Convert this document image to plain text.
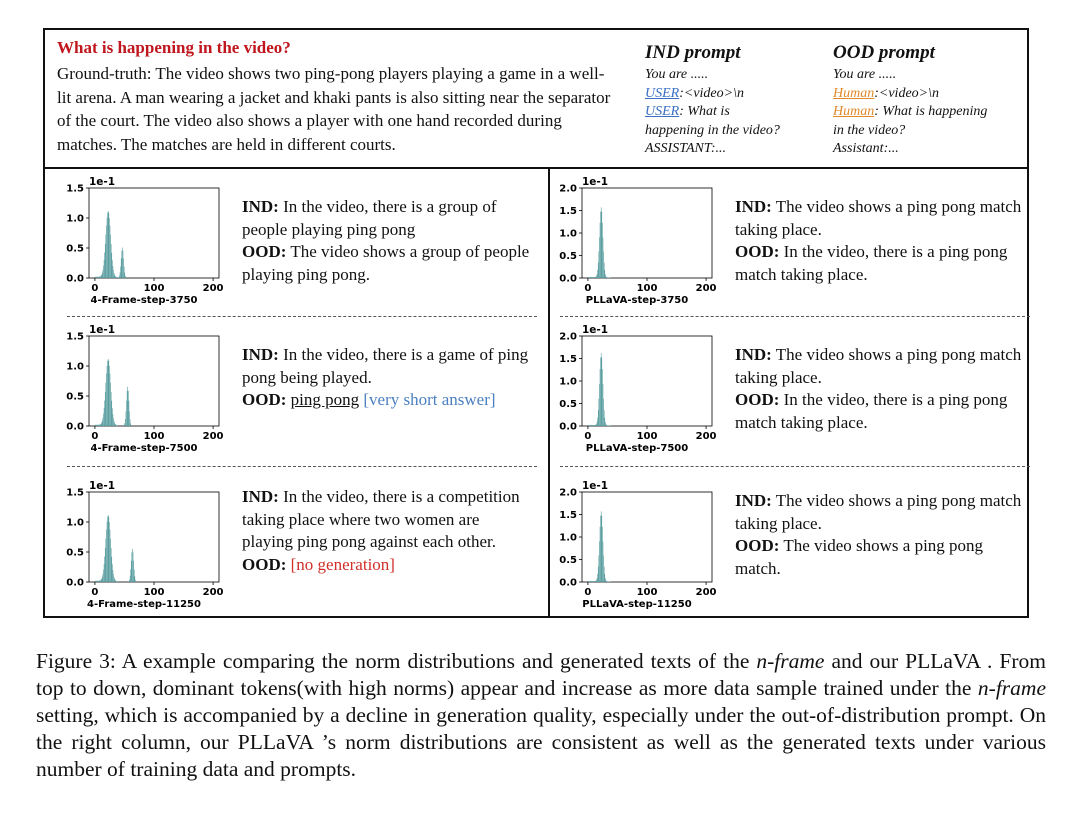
What is happening in the video?
Ground-truth: The video shows two ping-pong players playing a game in a well-lit arena. A man wearing a jacket and khaki pants is also sitting near the separator of the court. The video also shows a player with one hand recorded during matches. The matches are held in different courts.
IND prompt
You are .....
USER:<video>\n
USER: What is
happening in the video?
ASSISTANT:...
OOD prompt
You are .....
Human:<video>\n
Human: What is happening
in the video?
Assistant:...
1.5
1.0
0.5
0.0
0	100	200
1e-1
4-Frame-step-3750
IND: In the video, there is a group of people playing ping pong
OOD: The video shows a group of people playing ping pong.
2.0
1.5
1.0
0.5
0.0
0	100	200
1e-1
PLLaVA-step-3750
IND: The video shows a ping pong match taking place.
OOD: In the video, there is a ping pong match taking place.
1.5
1.0
0.5
0.0
0	100	200
1e-1
4-Frame-step-7500
IND: In the video, there is a game of ping pong being played.
OOD: ping pong [very short answer]
2.0
1.5
1.0
0.5
0.0
0	100	200
1e-1
PLLaVA-step-7500
IND: The video shows a ping pong match taking place.
OOD: In the video, there is a ping pong match taking place.
1.5
1.0
0.5
0.0
0	100	200
1e-1
4-Frame-step-11250
IND: In the video, there is a competition taking place where two women are playing ping pong against each other.
OOD: [no generation]
2.0
1.5
1.0
0.5
0.0
0	100	200
1e-1
PLLaVA-step-11250
IND: The video shows a ping pong match taking place.
OOD: The video shows a ping pong match.
Figure 3: A example comparing the norm distributions and generated texts of the n-frame and our PLLaVA . From top to down, dominant tokens(with high norms) appear and increase as more data sample trained under the n-frame setting, which is accompanied by a decline in generation quality, especially under the out-of-distribution prompt. On the right column, our PLLaVA ’s norm distributions are consistent as well as the generated texts under various number of training data and prompts.
